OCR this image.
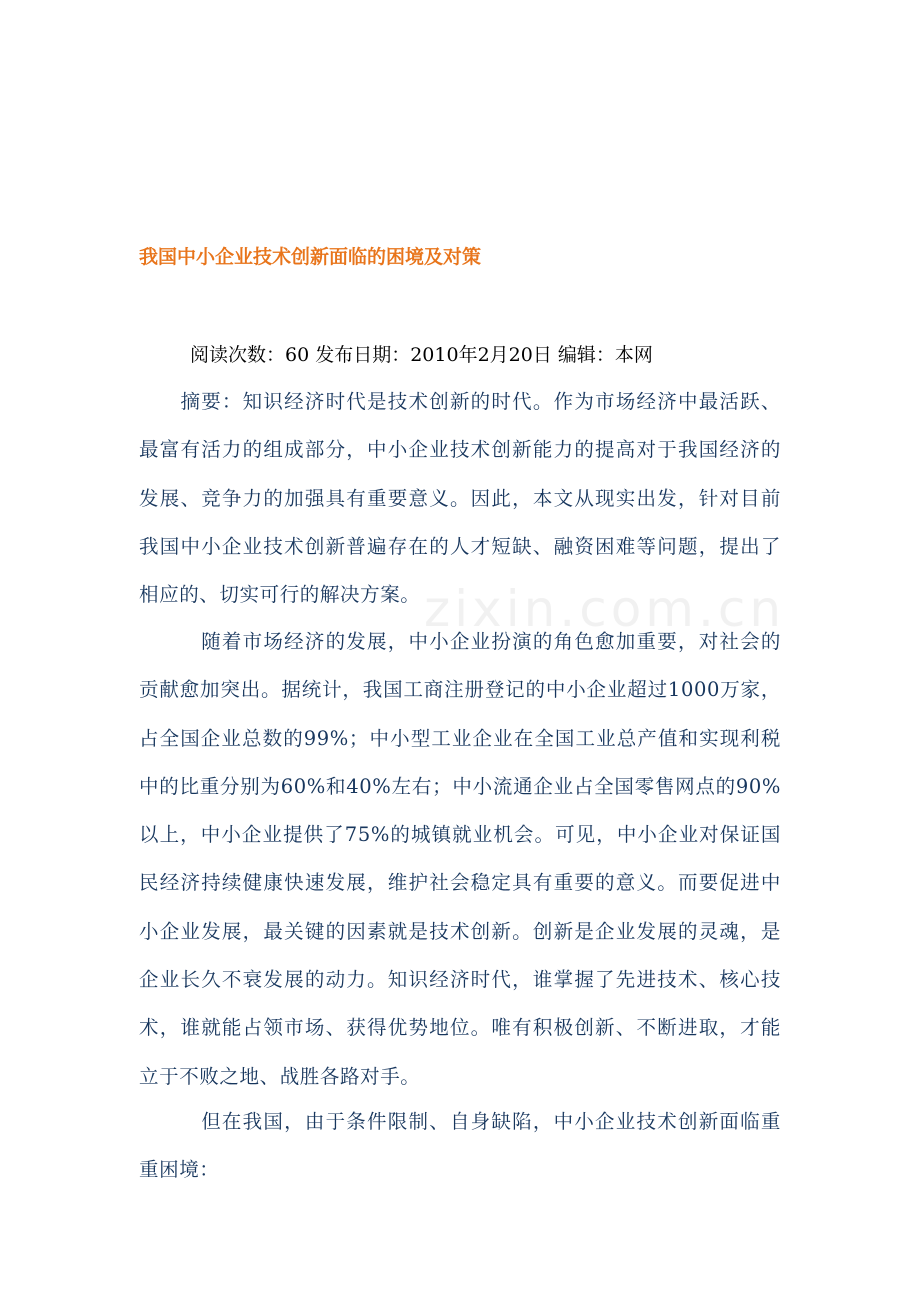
zixin.com.cn
我国中小企业技术创新面临的困境及对策
阅读次数：60 发布日期：2010年2月20日 编辑：本网

　　摘要：知识经济时代是技术创新的时代。作为市场经济中最活跃、最富有活力的组成部分，中小企业技术创新能力的提高对于我国经济的发展、竞争力的加强具有重要意义。因此，本文从现实出发，针对目前我国中小企业技术创新普遍存在的人才短缺、融资困难等问题，提出了相应的、切实可行的解决方案。

　　　随着市场经济的发展，中小企业扮演的角色愈加重要，对社会的贡献愈加突出。据统计，我国工商注册登记的中小企业超过1000万家，占全国企业总数的99%；中小型工业企业在全国工业总产值和实现利税中的比重分别为60%和40%左右；中小流通企业占全国零售网点的90%以上，中小企业提供了75%的城镇就业机会。可见，中小企业对保证国民经济持续健康快速发展，维护社会稳定具有重要的意义。而要促进中小企业发展，最关键的因素就是技术创新。创新是企业发展的灵魂，是企业长久不衰发展的动力。知识经济时代，谁掌握了先进技术、核心技术，谁就能占领市场、获得优势地位。唯有积极创新、不断进取，才能立于不败之地、战胜各路对手。

　　　但在我国，由于条件限制、自身缺陷，中小企业技术创新面临重重困境：
